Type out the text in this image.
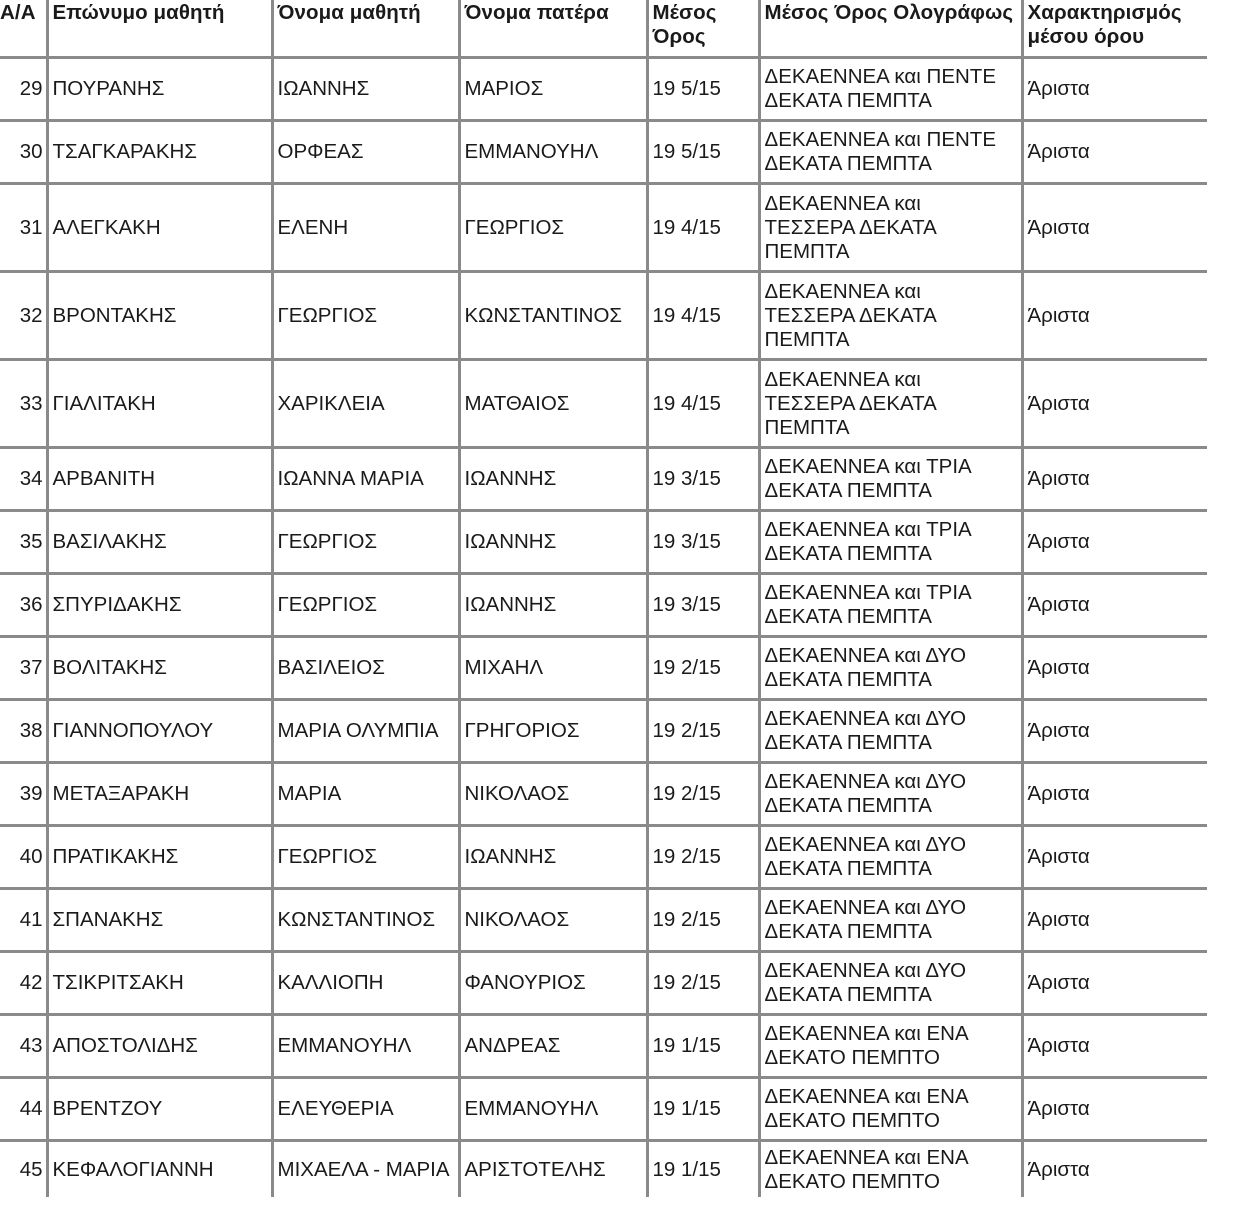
Α/Α	Επώνυμο μαθητή	Όνομα μαθητή	Όνομα πατέρα	Μέσος Όρος	Μέσος Όρος Ολογράφως	Χαρακτηρισμός μέσου όρου
29	ΠΟΥΡΑΝΗΣ	ΙΩΑΝΝΗΣ	ΜΑΡΙΟΣ	19 5/15	ΔΕΚΑΕΝΝΕΑ και ΠΕΝΤΕ ΔΕΚΑΤΑ ΠΕΜΠΤΑ	Άριστα
30	ΤΣΑΓΚΑΡΑΚΗΣ	ΟΡΦΕΑΣ	ΕΜΜΑΝΟΥΗΛ	19 5/15	ΔΕΚΑΕΝΝΕΑ και ΠΕΝΤΕ ΔΕΚΑΤΑ ΠΕΜΠΤΑ	Άριστα
31	ΑΛΕΓΚΑΚΗ	ΕΛΕΝΗ	ΓΕΩΡΓΙΟΣ	19 4/15	ΔΕΚΑΕΝΝΕΑ και ΤΕΣΣΕΡΑ ΔΕΚΑΤΑ ΠΕΜΠΤΑ	Άριστα
32	ΒΡΟΝΤΑΚΗΣ	ΓΕΩΡΓΙΟΣ	ΚΩΝΣΤΑΝΤΙΝΟΣ	19 4/15	ΔΕΚΑΕΝΝΕΑ και ΤΕΣΣΕΡΑ ΔΕΚΑΤΑ ΠΕΜΠΤΑ	Άριστα
33	ΓΙΑΛΙΤΑΚΗ	ΧΑΡΙΚΛΕΙΑ	ΜΑΤΘΑΙΟΣ	19 4/15	ΔΕΚΑΕΝΝΕΑ και ΤΕΣΣΕΡΑ ΔΕΚΑΤΑ ΠΕΜΠΤΑ	Άριστα
34	ΑΡΒΑΝΙΤΗ	ΙΩΑΝΝΑ ΜΑΡΙΑ	ΙΩΑΝΝΗΣ	19 3/15	ΔΕΚΑΕΝΝΕΑ και ΤΡΙΑ ΔΕΚΑΤΑ ΠΕΜΠΤΑ	Άριστα
35	ΒΑΣΙΛΑΚΗΣ	ΓΕΩΡΓΙΟΣ	ΙΩΑΝΝΗΣ	19 3/15	ΔΕΚΑΕΝΝΕΑ και ΤΡΙΑ ΔΕΚΑΤΑ ΠΕΜΠΤΑ	Άριστα
36	ΣΠΥΡΙΔΑΚΗΣ	ΓΕΩΡΓΙΟΣ	ΙΩΑΝΝΗΣ	19 3/15	ΔΕΚΑΕΝΝΕΑ και ΤΡΙΑ ΔΕΚΑΤΑ ΠΕΜΠΤΑ	Άριστα
37	ΒΟΛΙΤΑΚΗΣ	ΒΑΣΙΛΕΙΟΣ	ΜΙΧΑΗΛ	19 2/15	ΔΕΚΑΕΝΝΕΑ και ΔΥΟ ΔΕΚΑΤΑ ΠΕΜΠΤΑ	Άριστα
38	ΓΙΑΝΝΟΠΟΥΛΟΥ	ΜΑΡΙΑ ΟΛΥΜΠΙΑ	ΓΡΗΓΟΡΙΟΣ	19 2/15	ΔΕΚΑΕΝΝΕΑ και ΔΥΟ ΔΕΚΑΤΑ ΠΕΜΠΤΑ	Άριστα
39	ΜΕΤΑΞΑΡΑΚΗ	ΜΑΡΙΑ	ΝΙΚΟΛΑΟΣ	19 2/15	ΔΕΚΑΕΝΝΕΑ και ΔΥΟ ΔΕΚΑΤΑ ΠΕΜΠΤΑ	Άριστα
40	ΠΡΑΤΙΚΑΚΗΣ	ΓΕΩΡΓΙΟΣ	ΙΩΑΝΝΗΣ	19 2/15	ΔΕΚΑΕΝΝΕΑ και ΔΥΟ ΔΕΚΑΤΑ ΠΕΜΠΤΑ	Άριστα
41	ΣΠΑΝΑΚΗΣ	ΚΩΝΣΤΑΝΤΙΝΟΣ	ΝΙΚΟΛΑΟΣ	19 2/15	ΔΕΚΑΕΝΝΕΑ και ΔΥΟ ΔΕΚΑΤΑ ΠΕΜΠΤΑ	Άριστα
42	ΤΣΙΚΡΙΤΣΑΚΗ	ΚΑΛΛΙΟΠΗ	ΦΑΝΟΥΡΙΟΣ	19 2/15	ΔΕΚΑΕΝΝΕΑ και ΔΥΟ ΔΕΚΑΤΑ ΠΕΜΠΤΑ	Άριστα
43	ΑΠΟΣΤΟΛΙΔΗΣ	ΕΜΜΑΝΟΥΗΛ	ΑΝΔΡΕΑΣ	19 1/15	ΔΕΚΑΕΝΝΕΑ και ΕΝΑ ΔΕΚΑΤΟ ΠΕΜΠΤΟ	Άριστα
44	ΒΡΕΝΤΖΟΥ	ΕΛΕΥΘΕΡΙΑ	ΕΜΜΑΝΟΥΗΛ	19 1/15	ΔΕΚΑΕΝΝΕΑ και ΕΝΑ ΔΕΚΑΤΟ ΠΕΜΠΤΟ	Άριστα
45	ΚΕΦΑΛΟΓΙΑΝΝΗ	ΜΙΧΑΕΛΑ - ΜΑΡΙΑ	ΑΡΙΣΤΟΤΕΛΗΣ	19 1/15	ΔΕΚΑΕΝΝΕΑ και ΕΝΑ ΔΕΚΑΤΟ ΠΕΜΠΤΟ	Άριστα
